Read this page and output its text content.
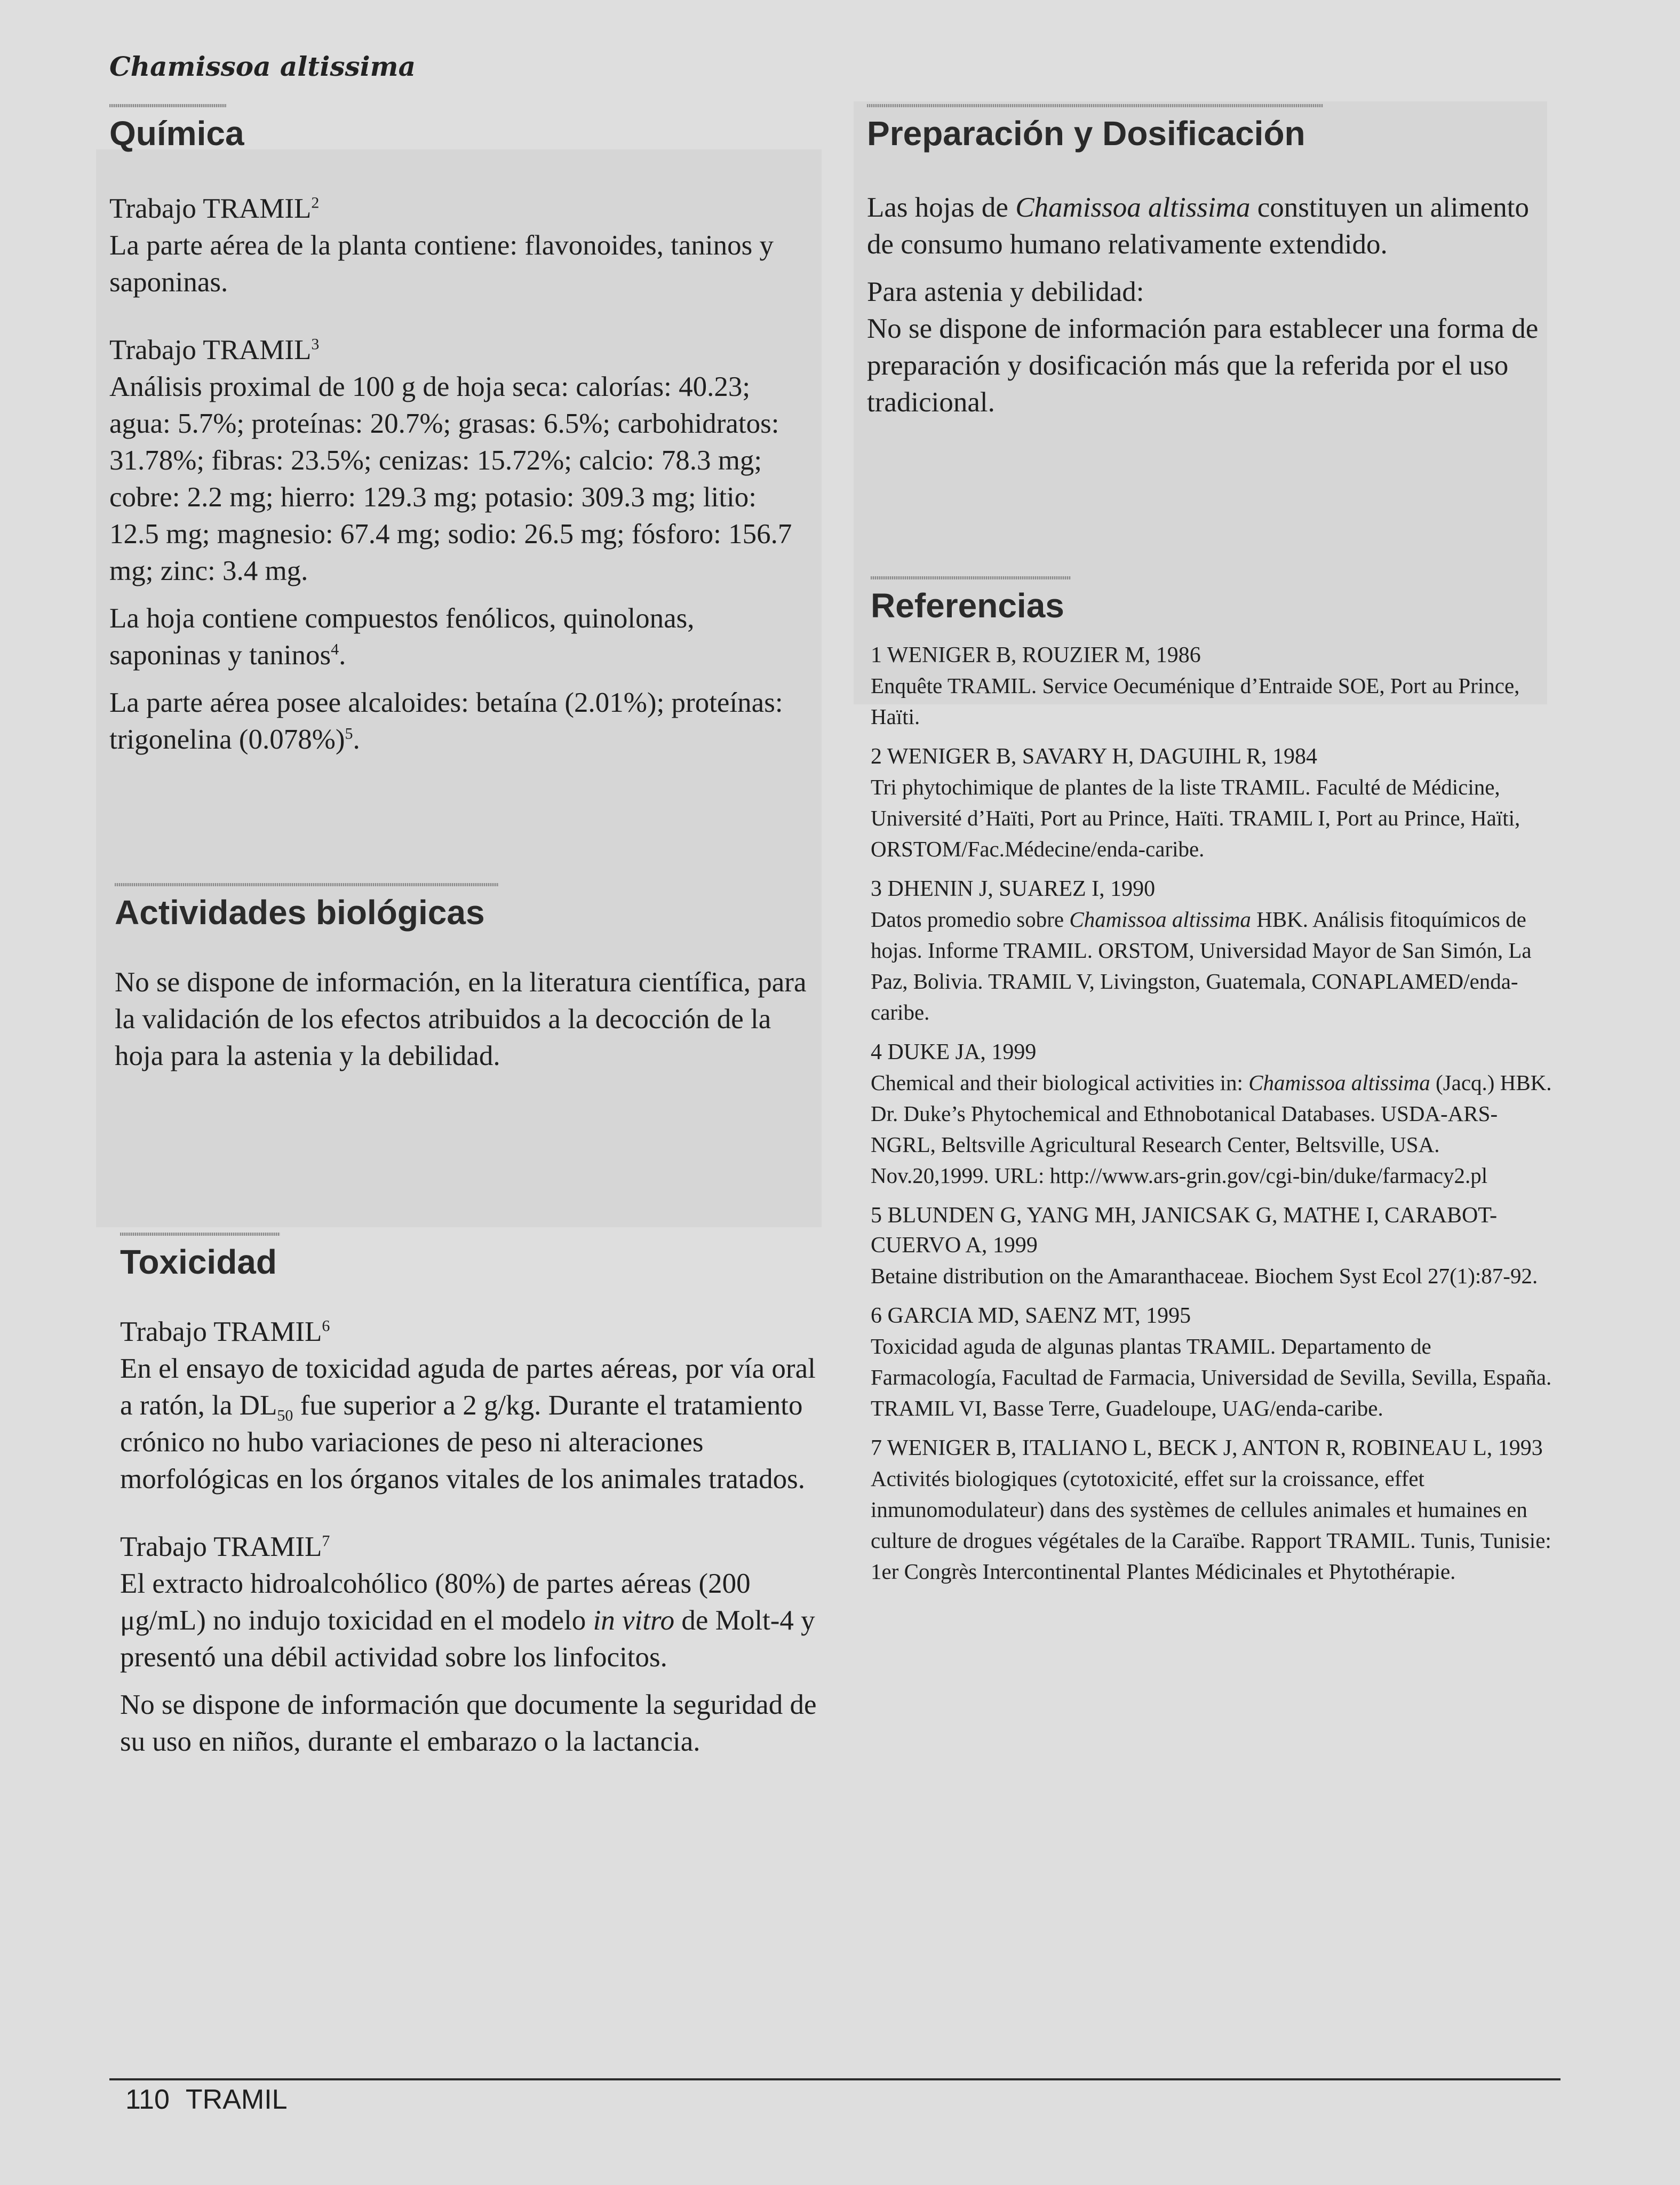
Chamissoa altissima
Química

Trabajo TRAMIL$^2$
La parte aérea de la planta contiene: flavonoides, taninos y saponinas.

Trabajo TRAMIL$^3$
Análisis proximal de 100 g de hoja seca: calorías: 40.23; agua: 5.7%; proteínas: 20.7%; grasas: 6.5%; carbohidratos: 31.78%; fibras: 23.5%; cenizas: 15.72%; calcio: 78.3 mg; cobre: 2.2 mg; hierro: 129.3 mg; potasio: 309.3 mg; litio: 12.5 mg; magnesio: 67.4 mg; sodio: 26.5 mg; fósforo: 156.7 mg; zinc: 3.4 mg.

La hoja contiene compuestos fenólicos, quinolonas, saponinas y taninos$^4$.

La parte aérea posee alcaloides: betaína (2.01%); proteínas: trigonelina $(0.078\%)^5$.

Actividades biológicas

No se dispone de información, en la literatura científica, para la validación de los efectos atribuidos a la decocción de la hoja para la astenia y la debilidad.

Toxicidad

Trabajo TRAMIL$^6$
En el ensayo de toxicidad aguda de partes aéreas, por vía oral a ratón, la $DL_{50}$ fue superior a 2 g/kg. Durante el tratamiento crónico no hubo variaciones de peso ni alteraciones morfológicas en los órganos vitales de los animales tratados.

Trabajo TRAMIL$^7$
El extracto hidroalcohólico (80%) de partes aéreas (200 μg/mL) no indujo toxicidad en el modelo in vitro de Molt-4 y presentó una débil actividad sobre los linfocitos.

No se dispone de información que documente la seguridad de su uso en niños, durante el embarazo o la lactancia.

Preparación y Dosificación

Las hojas de Chamissoa altissima constituyen un alimento de consumo humano relativamente extendido.

Para astenia y debilidad:
No se dispone de información para establecer una forma de preparación y dosificación más que la referida por el uso tradicional.

Referencias
1 WENIGER B, ROUZIER M, 1986
Enquête TRAMIL. Service Oecuménique d’Entraide SOE, Port au Prince, Haïti.
2 WENIGER B, SAVARY H, DAGUIHL R, 1984
Tri phytochimique de plantes de la liste TRAMIL. Faculté de Médicine, Université d’Haïti, Port au Prince, Haïti. TRAMIL I, Port au Prince, Haïti, ORSTOM/Fac.Médecine/enda-caribe.
3 DHENIN J, SUAREZ I, 1990
Datos promedio sobre Chamissoa altissima HBK. Análisis fitoquímicos de hojas. Informe TRAMIL. ORSTOM, Universidad Mayor de San Simón, La Paz, Bolivia. TRAMIL V, Livingston, Guatemala, CONAPLAMED/enda-caribe.
4 DUKE JA, 1999
Chemical and their biological activities in: Chamissoa altissima (Jacq.) HBK. Dr. Duke’s Phytochemical and Ethnobotanical Databases. USDA-ARS-NGRL, Beltsville Agricultural Research Center, Beltsville, USA. Nov.20,1999. URL: http://www.ars-grin.gov/cgi-bin/duke/farmacy2.pl
5 BLUNDEN G, YANG MH, JANICSAK G, MATHE I, CARABOT-CUERVO A, 1999
Betaine distribution on the Amaranthaceae. Biochem Syst Ecol 27(1):87-92.
6 GARCIA MD, SAENZ MT, 1995
Toxicidad aguda de algunas plantas TRAMIL. Departamento de Farmacología, Facultad de Farmacia, Universidad de Sevilla, Sevilla, España. TRAMIL VI, Basse Terre, Guadeloupe, UAG/enda-caribe.
7 WENIGER B, ITALIANO L, BECK J, ANTON R, ROBINEAU L, 1993
Activités biologiques (cytotoxicité, effet sur la croissance, effet inmunomodulateur) dans des systèmes de cellules animales et humaines en culture de drogues végétales de la Caraïbe. Rapport TRAMIL. Tunis, Tunisie: 1er Congrès Intercontinental Plantes Médicinales et Phytothérapie.
110 TRAMIL
